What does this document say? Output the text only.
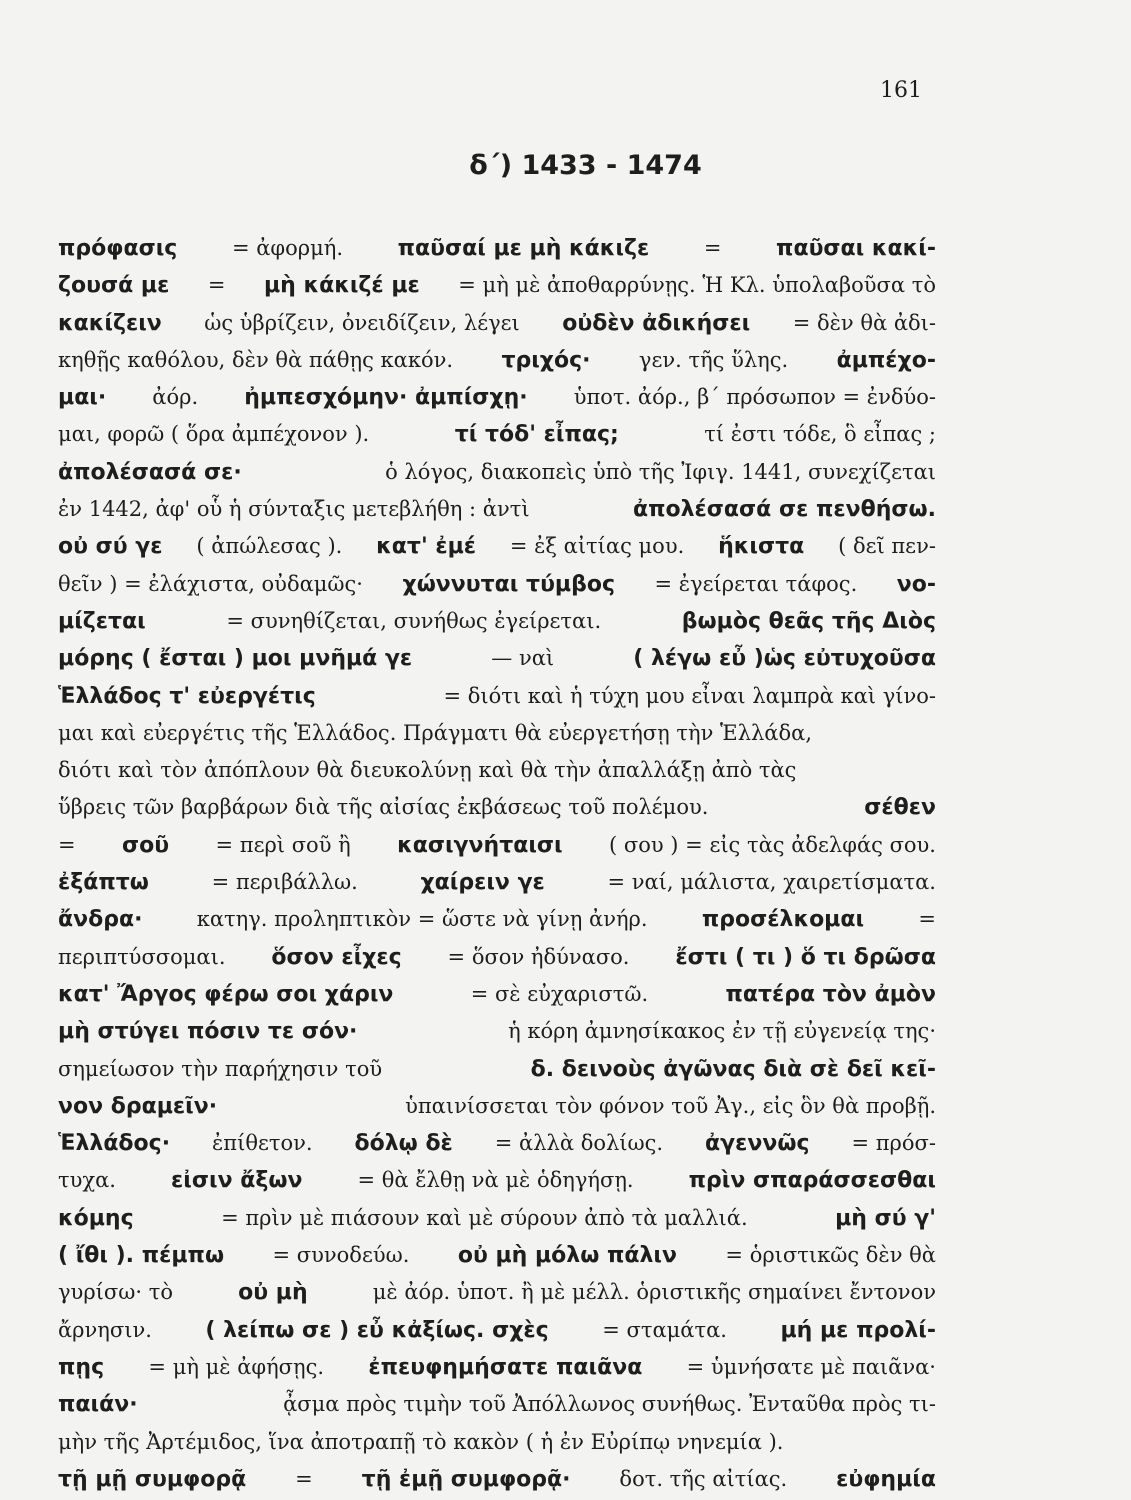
161
δ΄) 1433 - 1474
πρόφασις = ἀφορμή. παῦσαί με μὴ κάκιζε = παῦσαι κακί-
ζουσά με = μὴ κάκιζέ με = μὴ μὲ ἀποθαρρύνῃς. Ἡ Κλ. ὑπολαβοῦσα τὸ
κακίζειν ὡς ὑβρίζειν, ὀνειδίζειν, λέγει οὐδὲν ἀδικήσει = δὲν θὰ ἀδι-
κηθῇς καθόλου, δὲν θὰ πάθῃς κακόν. τριχός· γεν. τῆς ὕλης. ἀμπέχο-
μαι· ἀόρ. ἠμπεσχόμην· ἀμπίσχῃ· ὑποτ. ἀόρ., β΄ πρόσωπον = ἐνδύο-
μαι, φορῶ ( ὅρα ἀμπέχονον ).	τί τόδ' εἶπας;	τί ἐστι τόδε, ὃ εἶπας ;
ἀπολέσασά σε·	ὁ λόγος, διακοπεὶς ὑπὸ τῆς Ἰφιγ. 1441, συνεχίζεται
ἐν 1442, ἀφ' οὗ ἡ σύνταξις μετεβλήθη : ἀντὶ	ἀπολέσασά σε πενθήσω.
οὐ σύ γε ( ἀπώλεσας ). κατ' ἐμέ = ἐξ αἰτίας μου. ἥκιστα ( δεῖ πεν-
θεῖν ) = ἐλάχιστα, οὐδαμῶς· χώννυται τύμβος = ἐγείρεται τάφος. νο-
μίζεται	= συνηθίζεται, συνήθως ἐγείρεται.	βωμὸς θεᾶς τῆς Διὸς
μόρης ( ἔσται ) μοι μνῆμά γε	— ναὶ	( λέγω εὖ )ὡς εὐτυχοῦσα
Ἑλλάδος τ' εὐεργέτις	= διότι καὶ ἡ τύχη μου εἶναι λαμπρὰ καὶ γίνο-
μαι καὶ εὐεργέτις τῆς Ἑλλάδος. Πράγματι θὰ εὐεργετήσῃ τὴν Ἑλλάδα,
διότι καὶ τὸν ἀπόπλουν θὰ διευκολύνῃ καὶ θὰ τὴν ἀπαλλάξῃ ἀπὸ τὰς
ὕβρεις τῶν βαρβάρων διὰ τῆς αἰσίας ἐκβάσεως τοῦ πολέμου.	σέθεν
= σοῦ = περὶ σοῦ ἢ κασιγνήταισι ( σου ) = εἰς τὰς ἀδελφάς σου.
ἐξάπτω	= περιβάλλω.	χαίρειν γε	= ναί, μάλιστα, χαιρετίσματα.
ἄνδρα· κατηγ. προληπτικὸν = ὥστε νὰ γίνῃ ἀνήρ. προσέλκομαι =
περιπτύσσομαι. ὅσον εἶχες = ὅσον ἠδύνασο. ἔστι ( τι ) ὅ τι δρῶσα
κατ' Ἄργος φέρω σοι χάριν	= σὲ εὐχαριστῶ.	πατέρα τὸν ἀμὸν
μὴ στύγει πόσιν τε σόν·	ἡ κόρη ἀμνησίκακος ἐν τῇ εὐγενείᾳ της·
σημείωσον τὴν παρήχησιν τοῦ	δ. δεινοὺς ἀγῶνας διὰ σὲ δεῖ κεῖ-
νον δραμεῖν·	ὑπαινίσσεται τὸν φόνον τοῦ Ἀγ., εἰς ὃν θὰ προβῇ.
Ἑλλάδος· ἐπίθετον. δόλῳ δὲ = ἀλλὰ δολίως. ἀγεννῶς = πρόσ-
τυχα. εἰσιν ἄξων = θὰ ἔλθῃ νὰ μὲ ὁδηγήσῃ. πρὶν σπαράσσεσθαι
κόμης	= πρὶν μὲ πιάσουν καὶ μὲ σύρουν ἀπὸ τὰ μαλλιά.	μὴ σύ γ'
( ἴθι ). πέμπω = συνοδεύω. οὐ μὴ μόλω πάλιν = ὁριστικῶς δὲν θὰ
γυρίσω· τὸ	οὐ μὴ	μὲ ἀόρ. ὑποτ. ἢ μὲ μέλλ. ὁριστικῆς σημαίνει ἔντονον
ἄρνησιν. ( λείπω σε ) εὖ κἀξίως. σχὲς = σταμάτα. μή με προλί-
πῃς = μὴ μὲ ἀφήσῃς. ἐπευφημήσατε παιᾶνα = ὑμνήσατε μὲ παιᾶνα·
παιάν·	ᾆσμα πρὸς τιμὴν τοῦ Ἀπόλλωνος συνήθως. Ἐνταῦθα πρὸς τι-
μὴν τῆς Ἀρτέμιδος, ἵνα ἀποτραπῇ τὸ κακὸν ( ἡ ἐν Εὐρίπῳ νηνεμία ).
τῇ μῇ συμφορᾷ = τῇ ἐμῇ συμφορᾷ· δοτ. τῆς αἰτίας. εὐφημία
